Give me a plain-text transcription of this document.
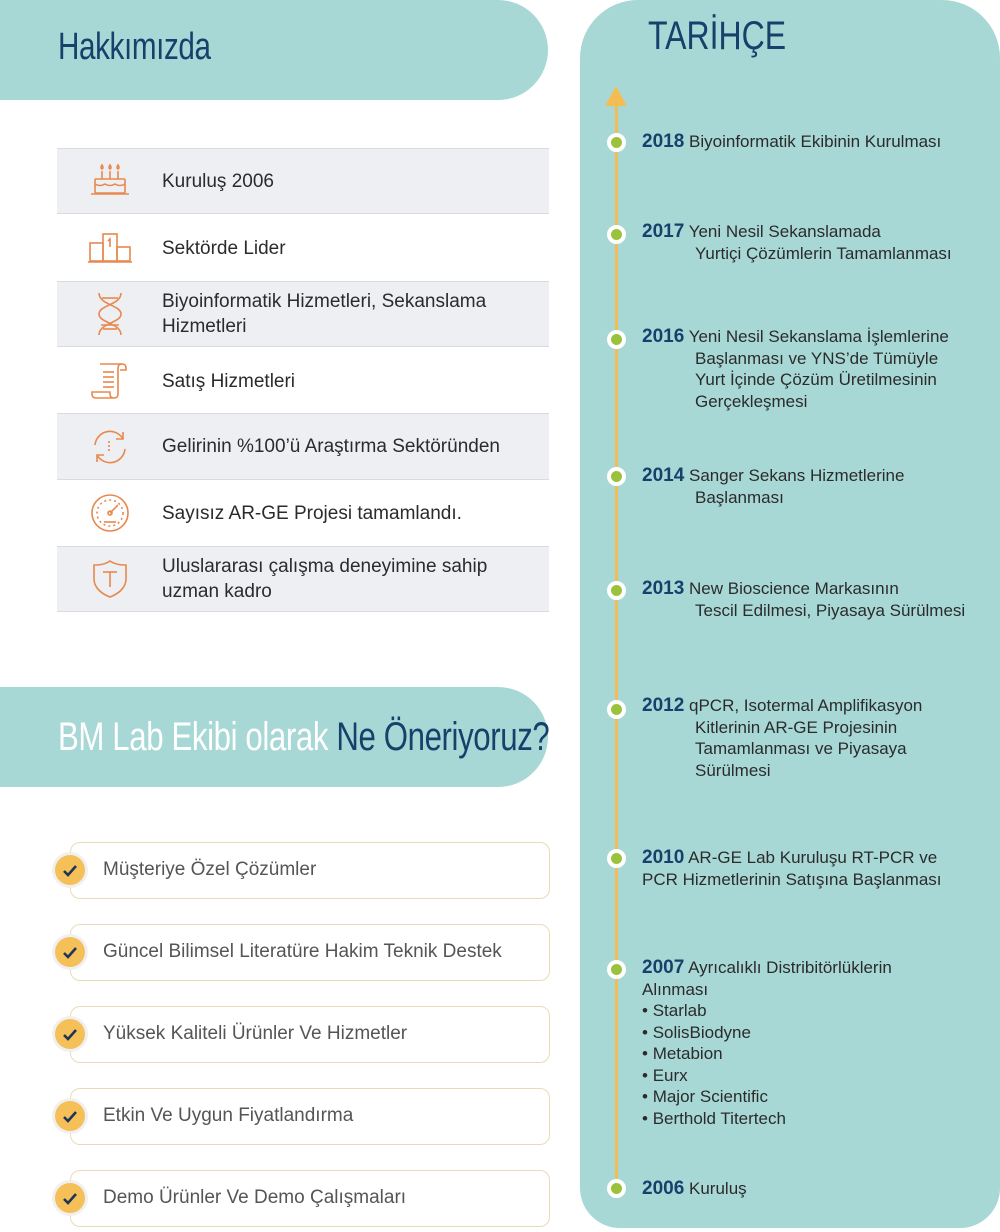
Hakkımızda
Kuruluş 2006
Sektörde Lider
Biyoinformatik Hizmetleri, Sekanslama Hizmetleri
Satış Hizmetleri
Gelirinin %100’ü Araştırma Sektöründen
Sayısız AR-GE Projesi tamamlandı.
Uluslararası çalışma deneyimine sahip uzman kadro
BM Lab Ekibi olarak Ne Öneriyoruz?
Müşteriye Özel Çözümler
Güncel Bilimsel Literatüre Hakim Teknik Destek
Yüksek Kaliteli Ürünler Ve Hizmetler
Etkin Ve Uygun Fiyatlandırma
Demo Ürünler Ve Demo Çalışmaları
TARİHÇE
2018 Biyoinformatik Ekibinin Kurulması
2017 Yeni Nesil Sekanslamada
Yurtiçi Çözümlerin Tamamlanması
2016 Yeni Nesil Sekanslama İşlemlerine
Başlanması ve YNS’de Tümüyle
Yurt İçinde Çözüm Üretilmesinin
Gerçekleşmesi
2014 Sanger Sekans Hizmetlerine
Başlanması
2013 New Bioscience Markasının
Tescil Edilmesi, Piyasaya Sürülmesi
2012 qPCR, Isotermal Amplifikasyon
Kitlerinin AR-GE Projesinin
Tamamlanması ve Piyasaya
Sürülmesi
2010 AR-GE Lab Kuruluşu RT-PCR ve
PCR Hizmetlerinin Satışına Başlanması
2007 Ayrıcalıklı Distribitörlüklerin
Alınması
• Starlab
• SolisBiodyne
• Metabion
• Eurx
• Major Scientific
• Berthold Titertech
2006 Kuruluş
